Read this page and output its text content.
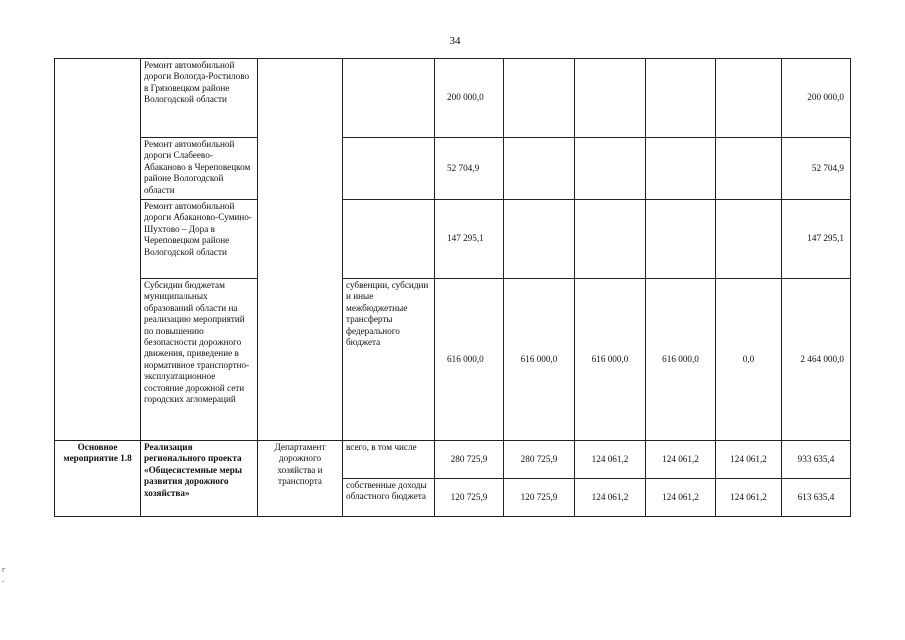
34
	Ремонт автомобильной дороги Вологда-Ростилово в Грязовецком районе Вологодской области			200 000,0					200 000,0
	Ремонт автомобильной дороги Слабеево-Абаканово в Череповецком районе Вологодской области			52 704,9					52 704,9
	Ремонт автомобильной дороги Абаканово-Сумино- Шухтово – Дора в Череповецком районе Вологодской области			147 295,1					147 295,1
	Субсидии бюджетам муниципальных образований области на реализацию мероприятий по повышению безопасности дорожного движения, приведение в нормативное транспортно-эксплуатационное состояние дорожной сети городских агломераций		субвенции, субсидии и иные межбюджетные трансферты федерального бюджета	616 000,0	616 000,0	616 000,0	616 000,0	0,0	2 464 000,0
Основное мероприятие 1.8	Реализация регионального проекта «Общесистемные меры развития дорожного хозяйства»	Департамент дорожного хозяйства и транспорта	всего, в том числе	280 725,9	280 725,9	124 061,2	124 061,2	124 061,2	933 635,4
			собственные доходы областного бюджета	120 725,9	120 725,9	124 061,2	124 061,2	124 061,2	613 635,4
г
-
